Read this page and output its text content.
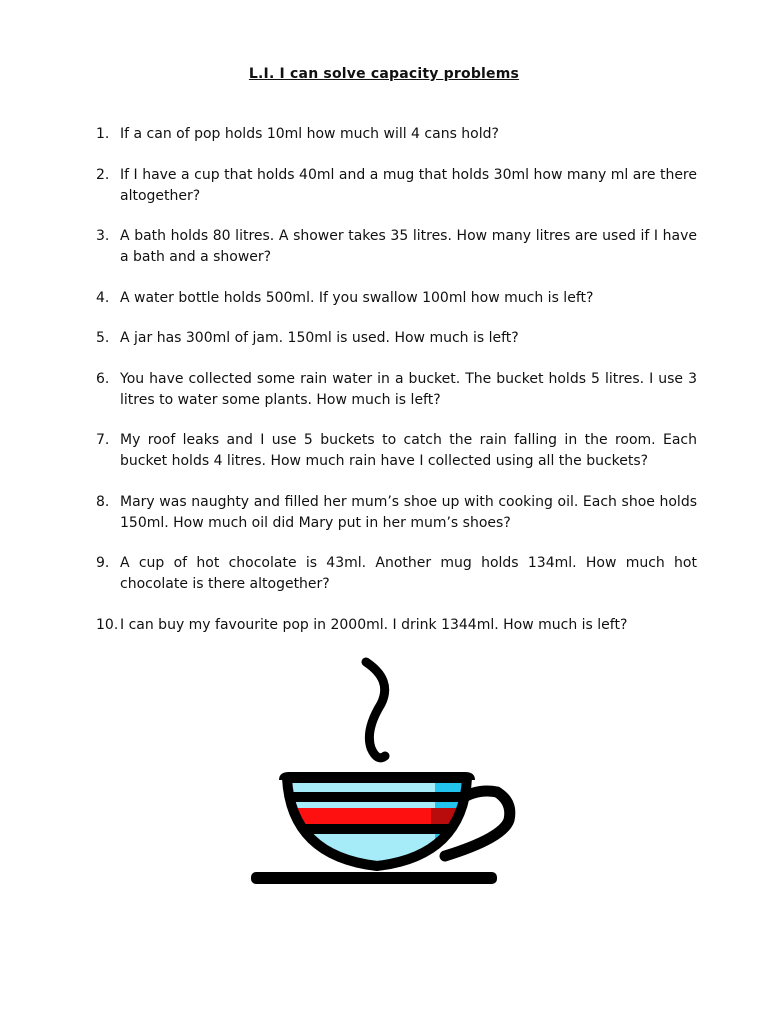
L.I. I can solve capacity problems
1. If a can of pop holds 10ml how much will 4 cans hold?
2. If I have a cup that holds 40ml and a mug that holds 30ml how many ml are there altogether?
3. A bath holds 80 litres. A shower takes 35 litres. How many litres are used if I have a bath and a shower?
4. A water bottle holds 500ml. If you swallow 100ml how much is left?
5. A jar has 300ml of jam. 150ml is used. How much is left?
6. You have collected some rain water in a bucket. The bucket holds 5 litres. I use 3 litres to water some plants. How much is left?
7. My roof leaks and I use 5 buckets to catch the rain falling in the room. Each bucket holds 4 litres. How much rain have I collected using all the buckets?
8. Mary was naughty and filled her mum’s shoe up with cooking oil. Each shoe holds 150ml. How much oil did Mary put in her mum’s shoes?
9. A cup of hot chocolate is 43ml. Another mug holds 134ml. How much hot chocolate is there altogether?
10. I can buy my favourite pop in 2000ml. I drink 1344ml. How much is left?
